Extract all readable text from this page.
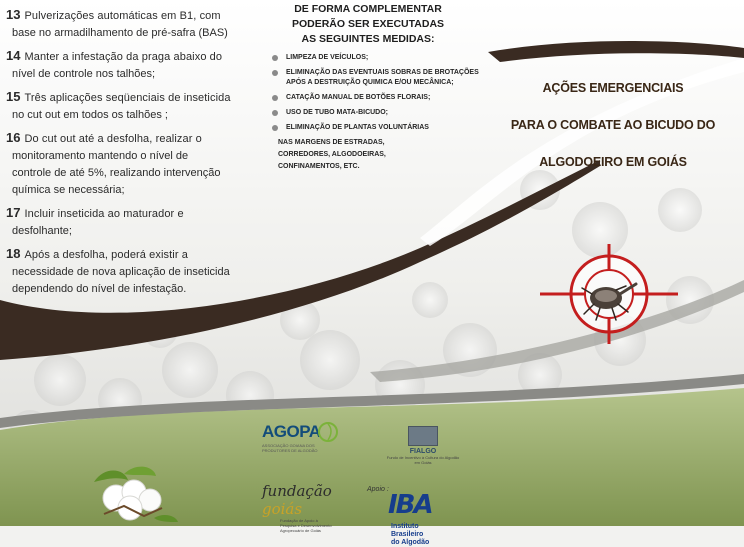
13 Pulverizações automáticas em B1, com
base no armadilhamento de pré-safra (BAS)
14 Manter a infestação da praga abaixo do
nível de controle nos talhões;
15 Três aplicações seqüenciais de inseticida
no cut out em todos os talhões ;
16 Do cut out até a desfolha, realizar o
monitoramento mantendo o nível de
controle de até 5%, realizando intervenção
química se necessária;
17 Incluir inseticida ao maturador e
desfolhante;
18 Após a desfolha, poderá existir a
necessidade de nova aplicação de inseticida
dependendo do nível de infestação.
DE FORMA COMPLEMENTAR
PODERÃO SER EXECUTADAS
AS SEGUINTES MEDIDAS:
LIMPEZA DE VEÍCULOS;
ELIMINAÇÃO DAS EVENTUAIS SOBRAS DE BROTAÇÕES
APÓS A DESTRUIÇÃO QUIMICA E/OU MECÂNICA;
CATAÇÃO MANUAL DE BOTÕES FLORAIS;
USO DE TUBO MATA-BICUDO;
ELIMINAÇÃO DE PLANTAS VOLUNTÁRIAS
NAS MARGENS DE ESTRADAS,
CORREDORES, ALGODOEIRAS,
CONFINAMENTOS, ETC.
AÇÕES EMERGENCIAIS
PARA O COMBATE AO BICUDO DO
ALGODOEIRO EM GOIÁS
AGOPA
ASSOCIAÇÃO GOIANA DOS PRODUTORES DE ALGODÃO	FIALGO
Fundo de Incentivo à Cultura do Algodão em Goiás
fundação goiás
Fundação de Apoio à
Pesquisa e Desenvolvimento
Agropecuário de Goiás
Apoio :
IBA
Instituto
Brasileiro
do Algodão
